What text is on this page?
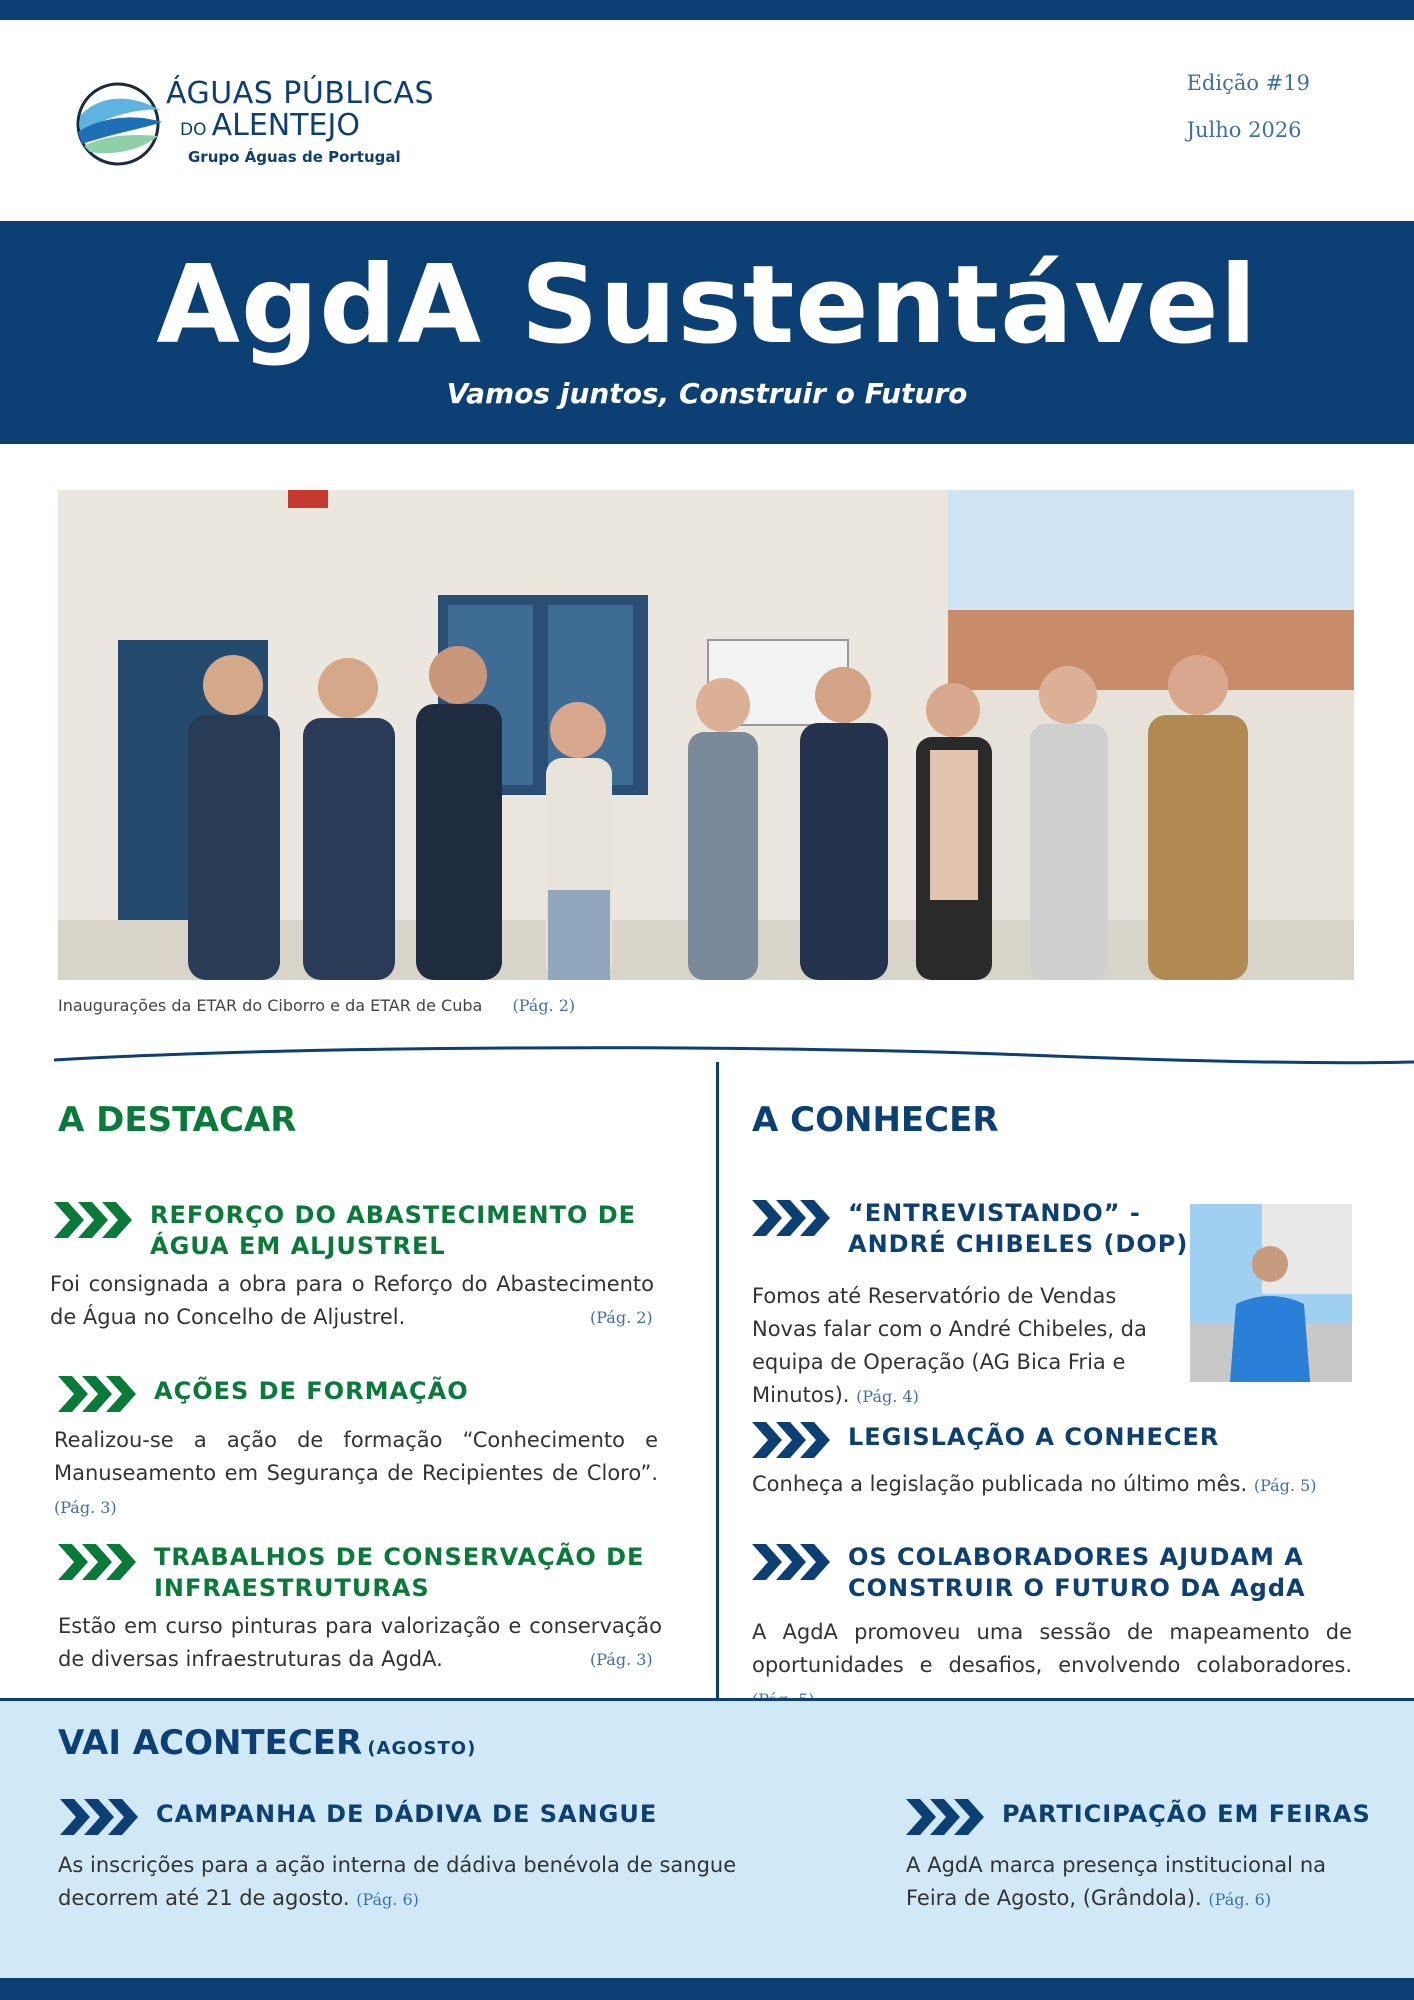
ÁGUAS PÚBLICAS
DO ALENTEJO
Grupo Águas de Portugal
Edição #19
Julho 2026
AgdA Sustentável
Vamos juntos, Construir o Futuro
Inaugurações da ETAR do Ciborro e da ETAR de Cuba (Pág. 2)
A DESTACAR
REFORÇO DO ABASTECIMENTO DE
ÁGUA EM ALJUSTREL
Foi consignada a obra para o Reforço do Abastecimento de Água no Concelho de Aljustrel.	(Pág. 2)
AÇÕES DE FORMAÇÃO
Realizou-se a ação de formação “Conhecimento e Manuseamento em Segurança de Recipientes de Cloro”. (Pág. 3)
TRABALHOS DE CONSERVAÇÃO DE
INFRAESTRUTURAS
Estão em curso pinturas para valorização e conservação de diversas infraestruturas da AgdA.	(Pág. 3)
A CONHECER
“ENTREVISTANDO” -
ANDRÉ CHIBELES (DOP)
Fomos até Reservatório de Vendas Novas falar com o André Chibeles, da equipa de Operação (AG Bica Fria e Minutos). (Pág. 4)
LEGISLAÇÃO A CONHECER
Conheça a legislação publicada no último mês. (Pág. 5)
OS COLABORADORES AJUDAM A
CONSTRUIR O FUTURO DA AgdA
A AgdA promoveu uma sessão de mapeamento de oportunidades e desafios, envolvendo colaboradores.
VAI ACONTECER (AGOSTO)
CAMPANHA DE DÁDIVA DE SANGUE
As inscrições para a ação interna de dádiva benévola de sangue decorrem até 21 de agosto. (Pág. 6)
PARTICIPAÇÃO EM FEIRAS
A AgdA marca presença institucional na Feira de Agosto, (Grândola). (Pág. 6)
